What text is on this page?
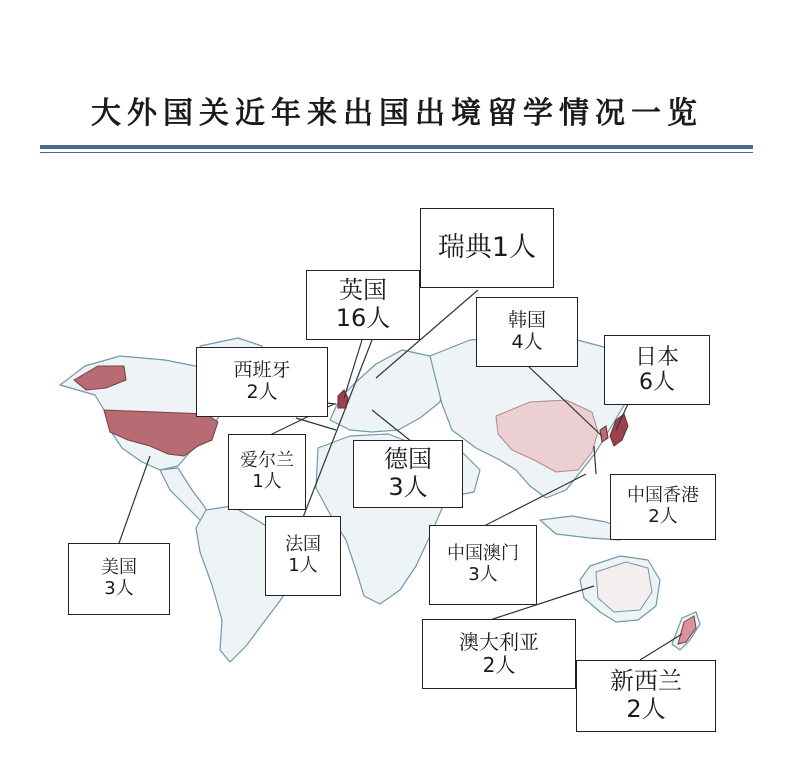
大外国关近年来出国出境留学情况一览
瑞典1人
英国
16人	韩国
4人
西班牙
2人
日本
6人
爱尔兰
1人
德国
3人	中国香港
2人
美国
3人
法国
1人
中国澳门
3人
澳大利亚
2人
新西兰
2人
